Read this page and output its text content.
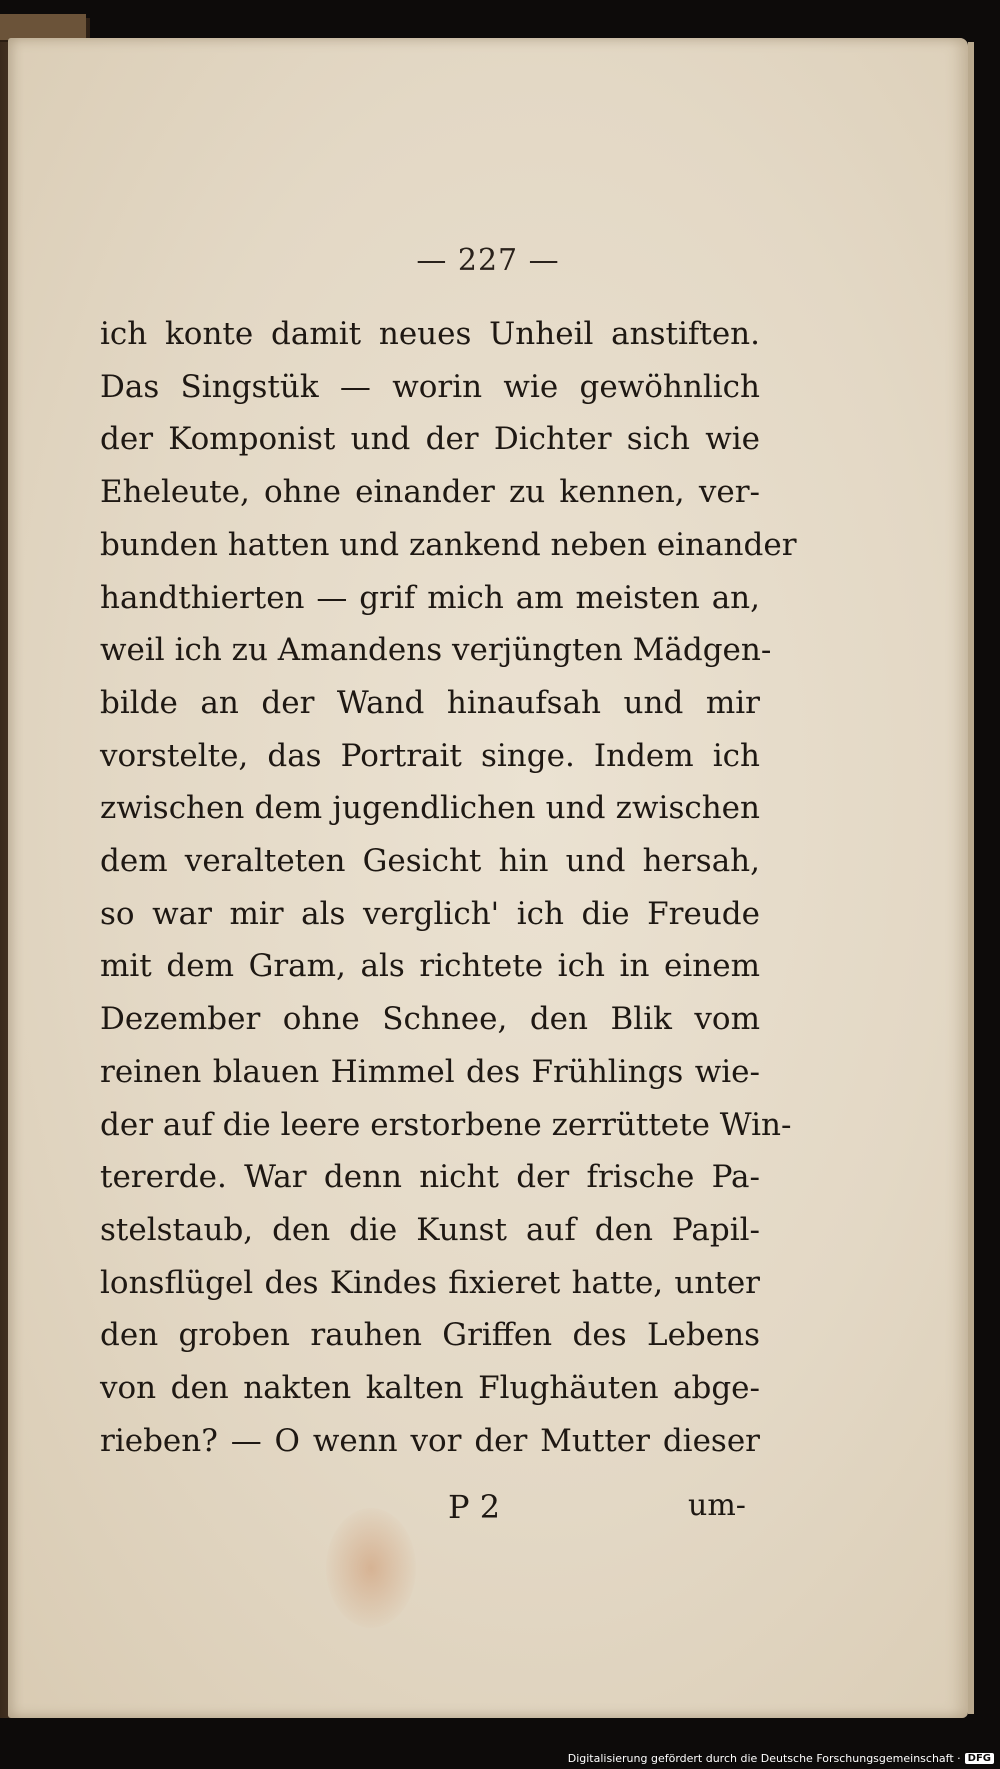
— 227 —
ich konte damit neues Unheil anstiften.
Das Singstük — worin wie gewöhnlich
der Komponist und der Dichter sich wie
Eheleute, ohne einander zu kennen, ver-
bunden hatten und zankend neben einander
handthierten — grif mich am meisten an,
weil ich zu Amandens verjüngten Mädgen-
bilde an der Wand hinaufsah und mir
vorstelte, das Portrait singe. Indem ich
zwischen dem jugendlichen und zwischen
dem veralteten Gesicht hin und hersah,
so war mir als verglich' ich die Freude
mit dem Gram, als richtete ich in einem
Dezember ohne Schnee, den Blik vom
reinen blauen Himmel des Frühlings wie-
der auf die leere erstorbene zerrüttete Win-
tererde. War denn nicht der frische Pa-
stelstaub, den die Kunst auf den Papil-
lonsflügel des Kindes fixieret hatte, unter
den groben rauhen Griffen des Lebens
von den nakten kalten Flughäuten abge-
rieben? — O wenn vor der Mutter dieser
P 2	um-
Digitalisierung gefördert durch die Deutsche Forschungsgemeinschaft · DFG
